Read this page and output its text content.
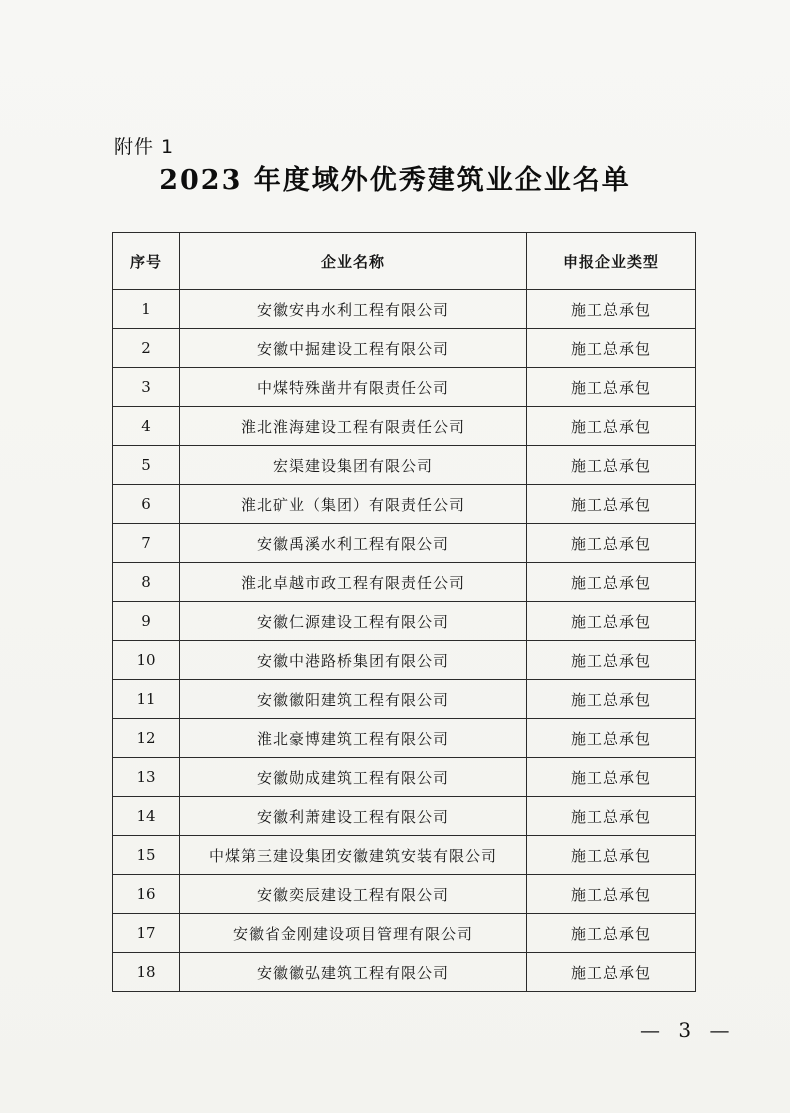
附件 1
2023 年度域外优秀建筑业企业名单
序号	企业名称	申报企业类型
1	安徽安冉水利工程有限公司	施工总承包
2	安徽中掘建设工程有限公司	施工总承包
3	中煤特殊凿井有限责任公司	施工总承包
4	淮北淮海建设工程有限责任公司	施工总承包
5	宏渠建设集团有限公司	施工总承包
6	淮北矿业（集团）有限责任公司	施工总承包
7	安徽禹溪水利工程有限公司	施工总承包
8	淮北卓越市政工程有限责任公司	施工总承包
9	安徽仁源建设工程有限公司	施工总承包
10	安徽中港路桥集团有限公司	施工总承包
11	安徽徽阳建筑工程有限公司	施工总承包
12	淮北豪博建筑工程有限公司	施工总承包
13	安徽勋成建筑工程有限公司	施工总承包
14	安徽利萧建设工程有限公司	施工总承包
15	中煤第三建设集团安徽建筑安装有限公司	施工总承包
16	安徽奕辰建设工程有限公司	施工总承包
17	安徽省金刚建设项目管理有限公司	施工总承包
18	安徽徽弘建筑工程有限公司	施工总承包
— 3 —
